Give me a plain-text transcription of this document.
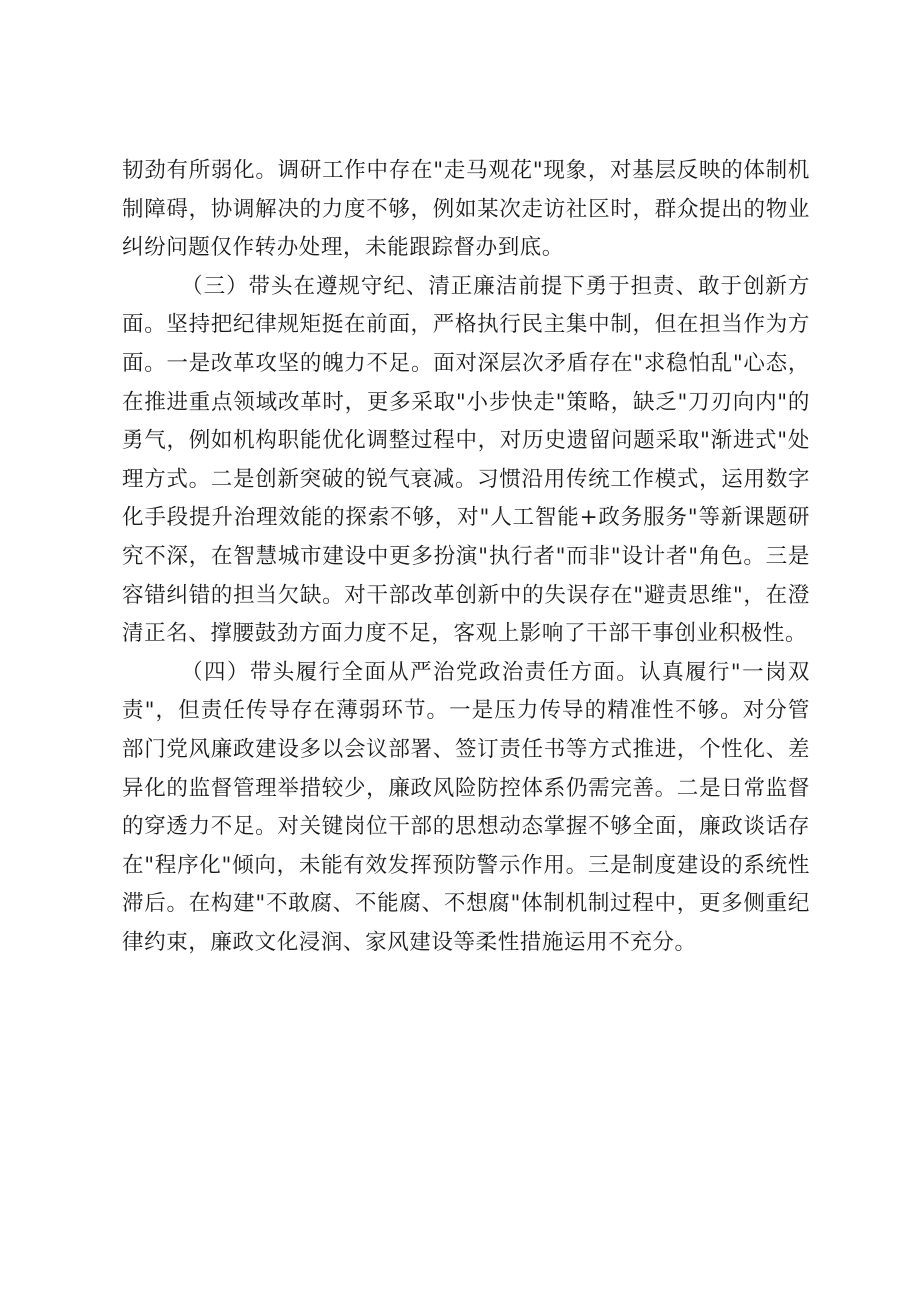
韧劲有所弱化。调研工作中存在"走马观花"现象，对基层反映的体制机制障碍，协调解决的力度不够，例如某次走访社区时，群众提出的物业纠纷问题仅作转办处理，未能跟踪督办到底。

（三）带头在遵规守纪、清正廉洁前提下勇于担责、敢于创新方面。坚持把纪律规矩挺在前面，严格执行民主集中制，但在担当作为方面。一是改革攻坚的魄力不足。面对深层次矛盾存在"求稳怕乱"心态，在推进重点领域改革时，更多采取"小步快走"策略，缺乏"刀刃向内"的勇气，例如机构职能优化调整过程中，对历史遗留问题采取"渐进式"处理方式。二是创新突破的锐气衰减。习惯沿用传统工作模式，运用数字化手段提升治理效能的探索不够，对"人工智能+政务服务"等新课题研究不深，在智慧城市建设中更多扮演"执行者"而非"设计者"角色。三是容错纠错的担当欠缺。对干部改革创新中的失误存在"避责思维"，在澄清正名、撑腰鼓劲方面力度不足，客观上影响了干部干事创业积极性。

（四）带头履行全面从严治党政治责任方面。认真履行"一岗双责"，但责任传导存在薄弱环节。一是压力传导的精准性不够。对分管部门党风廉政建设多以会议部署、签订责任书等方式推进，个性化、差异化的监督管理举措较少，廉政风险防控体系仍需完善。二是日常监督的穿透力不足。对关键岗位干部的思想动态掌握不够全面，廉政谈话存在"程序化"倾向，未能有效发挥预防警示作用。三是制度建设的系统性滞后。在构建"不敢腐、不能腐、不想腐"体制机制过程中，更多侧重纪律约束，廉政文化浸润、家风建设等柔性措施运用不充分。
